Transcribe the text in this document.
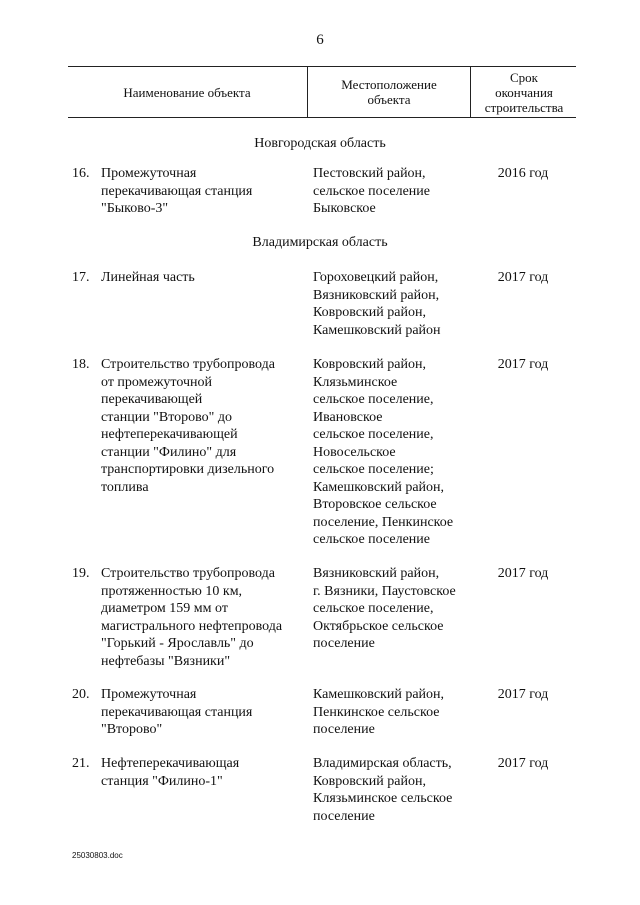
6
Наименование объекта	Местоположение
объекта
Срок
окончания
строительства
Новгородская область
16. Промежуточная
перекачивающая станция
"Быково-3"
Пестовский район,
сельское поселение
Быковское
2016 год
Владимирская область
17. Линейная часть	Гороховецкий район,
Вязниковский район,
Ковровский район,
Камешковский район
2017 год
18. Строительство трубопровода
от промежуточной
перекачивающей
станции "Второво" до
нефтеперекачивающей
станции "Филино" для
транспортировки дизельного
топлива
Ковровский район,
Клязьминское
сельское поселение,
Ивановское
сельское поселение,
Новосельское
сельское поселение;
Камешковский район,
Второвское сельское
поселение, Пенкинское
сельское поселение
2017 год
19. Строительство трубопровода
протяженностью 10 км,
диаметром 159 мм от
магистрального нефтепровода
"Горький - Ярославль" до
нефтебазы "Вязники"
Вязниковский район,
г. Вязники, Паустовское
сельское поселение,
Октябрьское сельское
поселение
2017 год
20. Промежуточная
перекачивающая станция
"Второво"
Камешковский район,
Пенкинское сельское
поселение
2017 год
21. Нефтеперекачивающая
станция "Филино-1"
Владимирская область,
Ковровский район,
Клязьминское сельское
поселение
2017 год
25030803.doc
